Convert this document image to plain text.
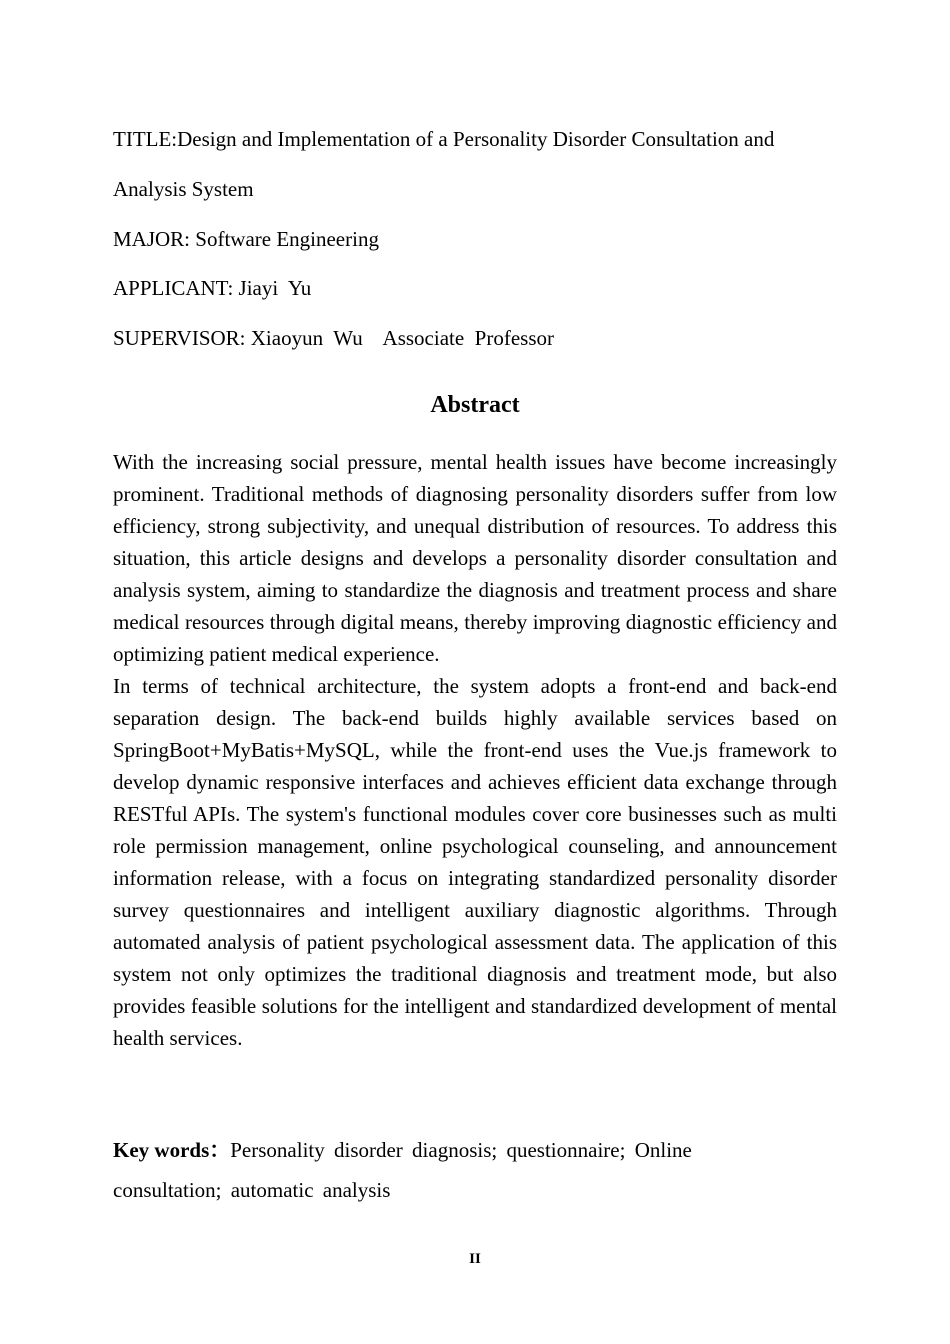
TITLE:Design and Implementation of a Personality Disorder Consultation and
Analysis System
MAJOR: Software Engineering
APPLICANT: Jiayi  Yu
SUPERVISOR: Xiaoyun  Wu    Associate  Professor
Abstract

With the increasing social pressure, mental health issues have become increasingly prominent. Traditional methods of diagnosing personality disorders suffer from low efficiency, strong subjectivity, and unequal distribution of resources. To address this situation, this article designs and develops a personality disorder consultation and analysis system, aiming to standardize the diagnosis and treatment process and share medical resources through digital means, thereby improving diagnostic efficiency and optimizing patient medical experience.

In terms of technical architecture, the system adopts a front-end and back-end separation design. The back-end builds highly available services based on SpringBoot+MyBatis+MySQL, while the front-end uses the Vue.js framework to develop dynamic responsive interfaces and achieves efficient data exchange through RESTful APIs. The system's functional modules cover core businesses such as multi role permission management, online psychological counseling, and announcement information release, with a focus on integrating standardized personality disorder survey questionnaires and intelligent auxiliary diagnostic algorithms. Through automated analysis of patient psychological assessment data. The application of this system not only optimizes the traditional diagnosis and treatment mode, but also provides feasible solutions for the intelligent and standardized development of mental health services.

Key words：Personality disorder diagnosis; questionnaire; Online consultation; automatic analysis
II
